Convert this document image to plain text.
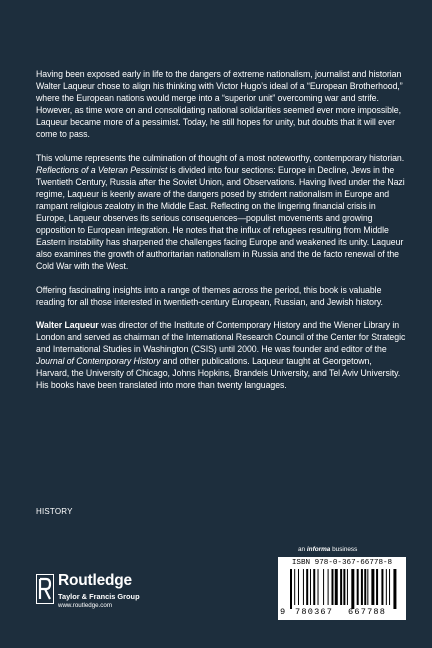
Having been exposed early in life to the dangers of extreme nationalism, journalist and historian Walter Laqueur chose to align his thinking with Victor Hugo’s ideal of a “European Brotherhood,” where the European nations would merge into a “superior unit” overcoming war and strife. However, as time wore on and consolidating national solidarities seemed ever more impossible, Laqueur became more of a pessimist. Today, he still hopes for unity, but doubts that it will ever come to pass.

This volume represents the culmination of thought of a most noteworthy, contemporary historian. Reflections of a Veteran Pessimist is divided into four sections: Europe in Decline, Jews in the Twentieth Century, Russia after the Soviet Union, and Observations. Having lived under the Nazi regime, Laqueur is keenly aware of the dangers posed by strident nationalism in Europe and rampant religious zealotry in the Middle East. Reflecting on the lingering financial crisis in Europe, Laqueur observes its serious consequences—populist movements and growing opposition to European integration. He notes that the influx of refugees resulting from Middle Eastern instability has sharpened the challenges facing Europe and weakened its unity. Laqueur also examines the growth of authoritarian nationalism in Russia and the de facto renewal of the Cold War with the West.

Offering fascinating insights into a range of themes across the period, this book is valuable reading for all those interested in twentieth-century European, Russian, and Jewish history.

Walter Laqueur was director of the Institute of Contemporary History and the Wiener Library in London and served as chairman of the International Research Council of the Center for Strategic and International Studies in Washington (CSIS) until 2000. He was founder and editor of the Journal of Contemporary History and other publications. Laqueur taught at Georgetown, Harvard, the University of Chicago, Johns Hopkins, Brandeis University, and Tel Aviv University. His books have been translated into more than twenty languages.

HISTORY
Routledge
Taylor & Francis Group
www.routledge.com
an informa business
ISBN 978-0-367-66778-8
9 780367 667788
